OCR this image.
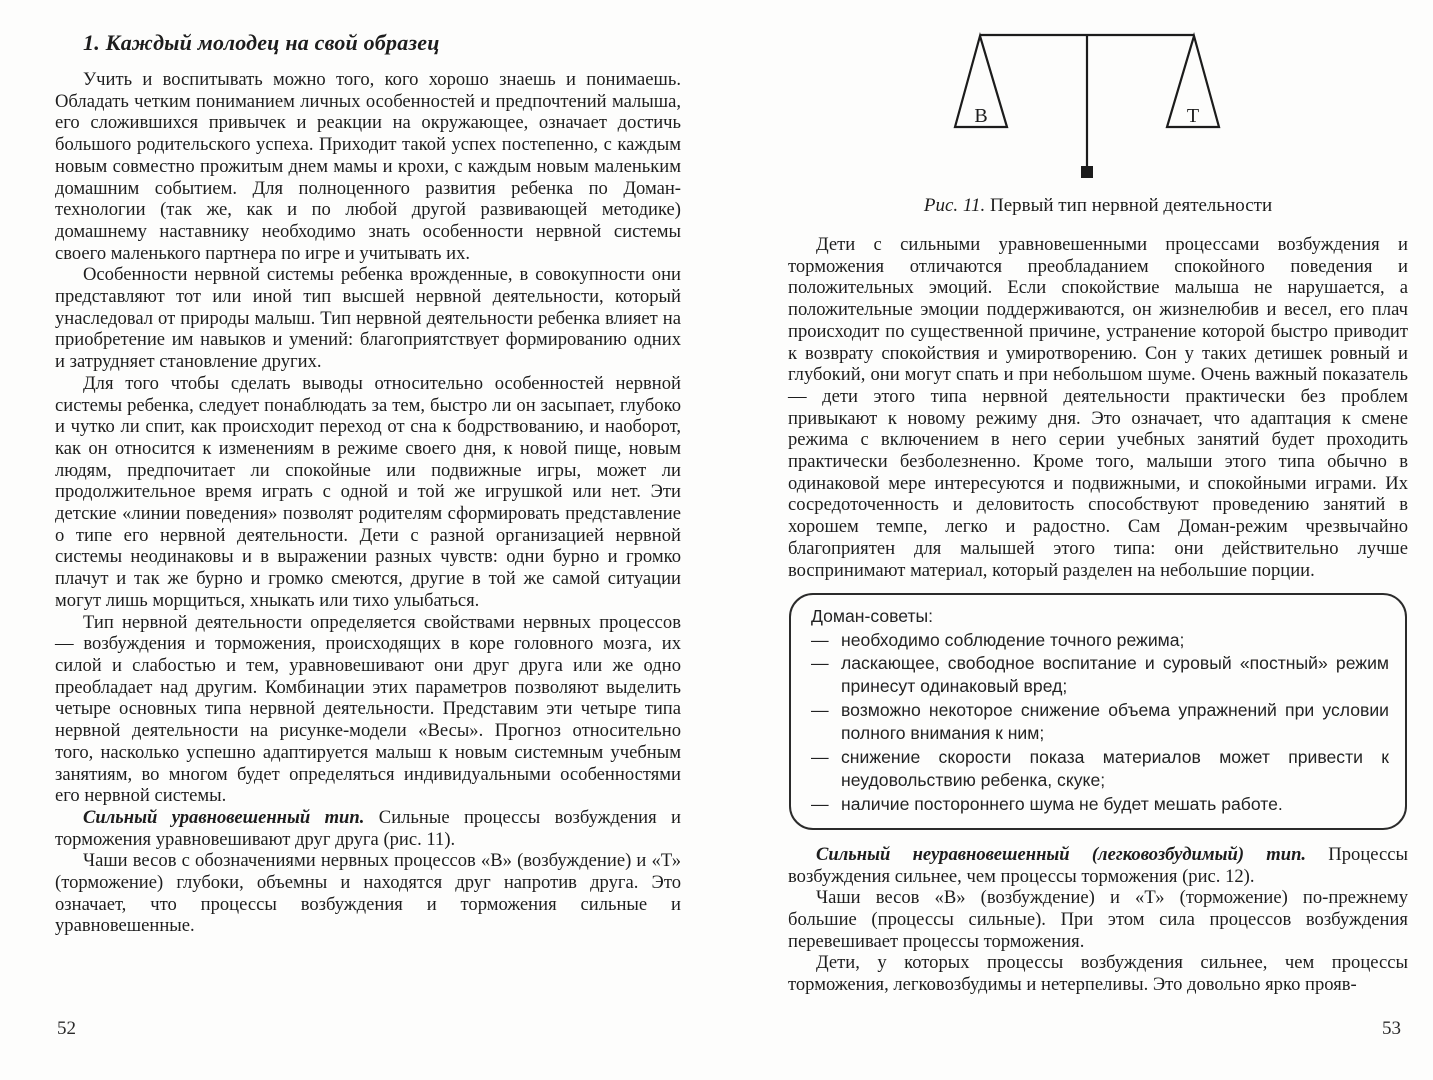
1. Каждый молодец на свой образец

Учить и воспитывать можно того, кого хорошо знаешь и понимаешь. Обладать четким пониманием личных особенностей и предпочтений малыша, его сложившихся привычек и реакции на окружающее, означает достичь большого родительского успеха. Приходит такой успех постепенно, с каждым новым совместно прожитым днем мамы и крохи, с каждым новым маленьким домашним событием. Для полноценного развития ребенка по Доман-технологии (так же, как и по любой другой развивающей методике) домашнему наставнику необходимо знать особенности нервной системы своего маленького партнера по игре и учитывать их.

Особенности нервной системы ребенка врожденные, в совокупности они представляют тот или иной тип высшей нервной деятельности, который унаследовал от природы малыш. Тип нервной деятельности ребенка влияет на приобретение им навыков и умений: благоприятствует формированию одних и затрудняет становление других.

Для того чтобы сделать выводы относительно особенностей нервной системы ребенка, следует понаблюдать за тем, быстро ли он засыпает, глубоко и чутко ли спит, как происходит переход от сна к бодрствованию, и наоборот, как он относится к изменениям в режиме своего дня, к новой пище, новым людям, предпочитает ли спокойные или подвижные игры, может ли продолжительное время играть с одной и той же игрушкой или нет. Эти детские «линии поведения» позволят родителям сформировать представление о типе его нервной деятельности. Дети с разной организацией нервной системы неодинаковы и в выражении разных чувств: одни бурно и громко плачут и так же бурно и громко смеются, другие в той же самой ситуации могут лишь морщиться, хныкать или тихо улыбаться.

Тип нервной деятельности определяется свойствами нервных процессов — возбуждения и торможения, происходящих в коре головного мозга, их силой и слабостью и тем, уравновешивают они друг друга или же одно преобладает над другим. Комбинации этих параметров позволяют выделить четыре основных типа нервной деятельности. Представим эти четыре типа нервной деятельности на рисунке-модели «Весы». Прогноз относительно того, насколько успешно адаптируется малыш к новым системным учебным занятиям, во многом будет определяться индивидуальными особенностями его нервной системы.

Сильный уравновешенный тип. Сильные процессы возбуждения и торможения уравновешивают друг друга (рис. 11).

Чаши весов с обозначениями нервных процессов «В» (возбуждение) и «Т» (торможение) глубоки, объемны и находятся друг напротив друга. Это означает, что процессы возбуждения и торможения сильные и уравновешенные.

В	Т
Рис. 11. Первый тип нервной деятельности

Дети с сильными уравновешенными процессами возбуждения и торможения отличаются преобладанием спокойного поведения и положительных эмоций. Если спокойствие малыша не нарушается, а положительные эмоции поддерживаются, он жизнелюбив и весел, его плач происходит по существенной причине, устранение которой быстро приводит к возврату спокойствия и умиротворению. Сон у таких детишек ровный и глубокий, они могут спать и при небольшом шуме. Очень важный показатель — дети этого типа нервной деятельности практически без проблем привыкают к новому режиму дня. Это означает, что адаптация к смене режима с включением в него серии учебных занятий будет проходить практически безболезненно. Кроме того, малыши этого типа обычно в одинаковой мере интересуются и подвижными, и спокойными играми. Их сосредоточенность и деловитость способствуют проведению занятий в хорошем темпе, легко и радостно. Сам Доман-режим чрезвычайно благоприятен для малышей этого типа: они действительно лучше воспринимают материал, который разделен на небольшие порции.

Доман-советы:
— необходимо соблюдение точного режима;
— ласкающее, свободное воспитание и суровый «постный» режим принесут одинаковый вред;
— возможно некоторое снижение объема упражнений при условии полного внимания к ним;
— снижение скорости показа материалов может привести к неудовольствию ребенка, скуке;
— наличие постороннего шума не будет мешать работе.

Сильный неуравновешенный (легковозбудимый) тип. Процессы возбуждения сильнее, чем процессы торможения (рис. 12).

Чаши весов «В» (возбуждение) и «Т» (торможение) по-прежнему большие (процессы сильные). При этом сила процессов возбуждения перевешивает процессы торможения.

Дети, у которых процессы возбуждения сильнее, чем процессы торможения, легковозбудимы и нетерпеливы. Это довольно ярко прояв-

52	53
